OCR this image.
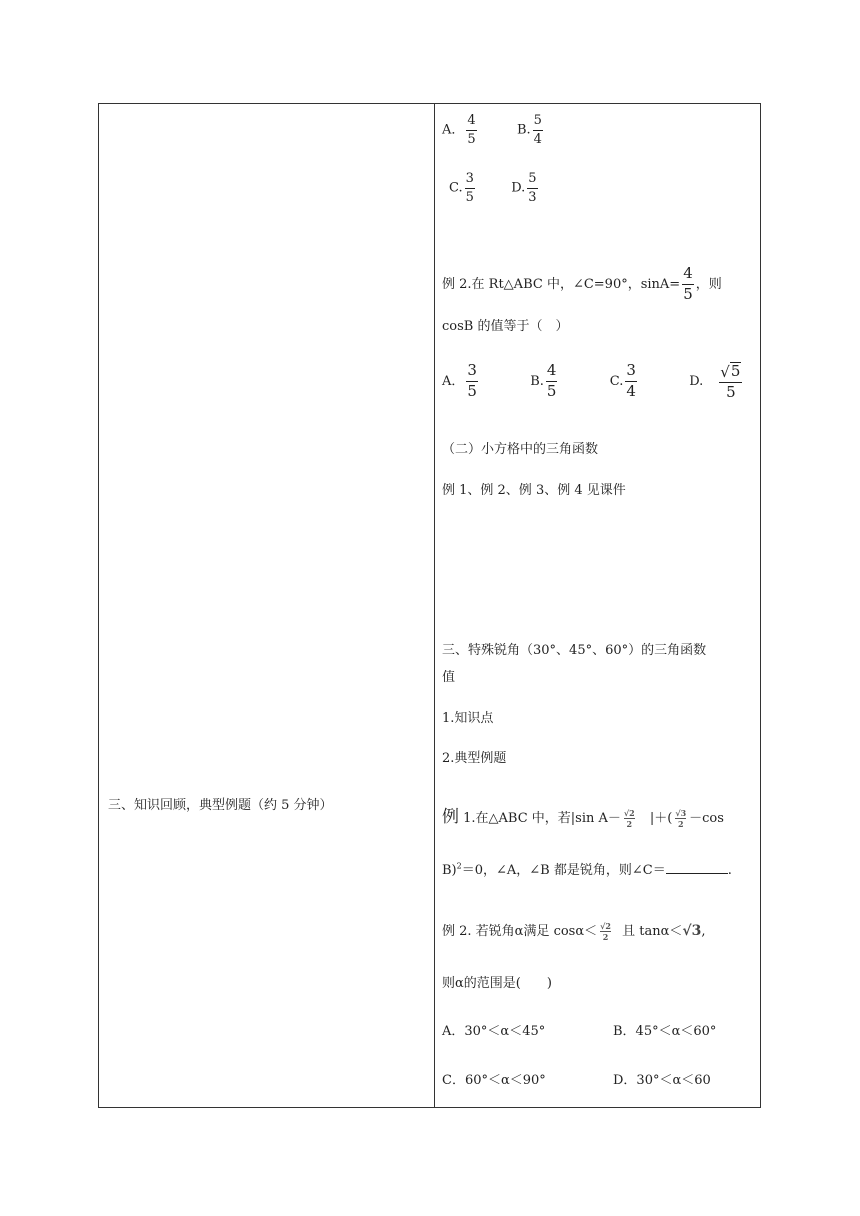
三、知识回顾，典型例题（约 5 分钟）
A． $\frac{4}{5}$	B. $\frac{5}{4}$
C. $\frac{3}{5}$	D. $\frac{5}{3}$
例 2.在 Rt△ABC 中，∠C=90°，$\sin A= \frac{4}{5}$ ，则
cosB 的值等于（　）
A． $\frac{3}{5}$	B. $\frac{4}{5}$	C. $\frac{3}{4}$	D. $\frac{√ 5}{5}$
（二）小方格中的三角函数
例 1、例 2、例 3、例 4 见课件
三、特殊锐角（30°、45°、60°）的三角函数
值
1.知识点
2.典型例题
例 1.在△ABC 中，若|sin $A- \frac{√2}{2}$ |＋( $\frac{√3}{2} -\cos$
B)$^2$＝0，∠A，∠B 都是锐角，则∠C＝	.
例 2. 若锐角α满足 $\cos\alpha< \frac{√2}{2}$ 且 tanα＜√3,
则α的范围是(　　)
A．30°＜α＜45°	B．45°＜α＜60°
C．60°＜α＜90°	D．30°＜α＜60
